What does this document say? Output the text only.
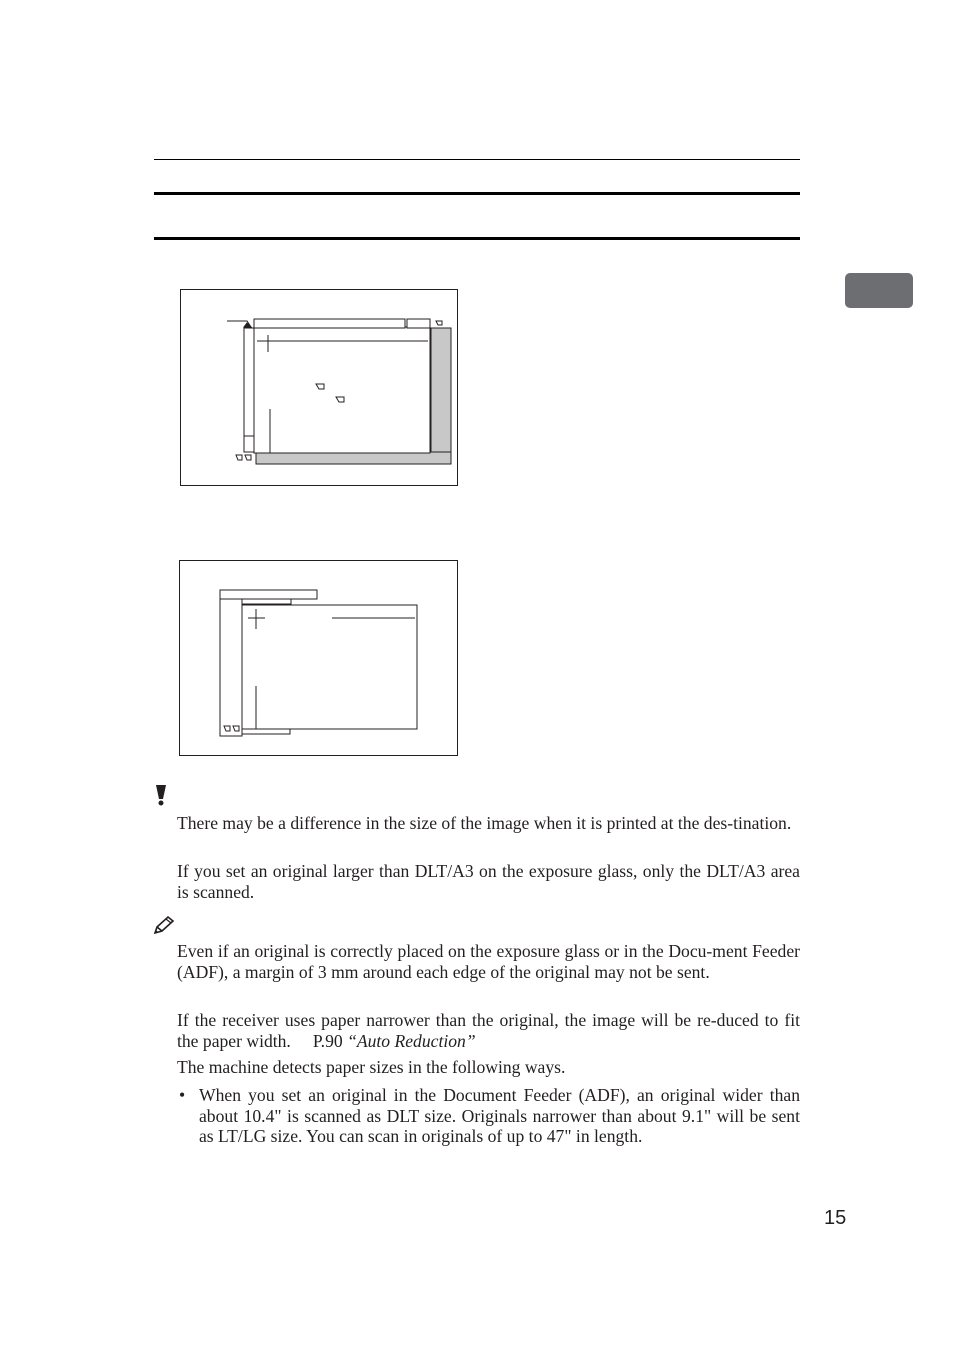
There may be a difference in the size of the image when it is printed at the des-tination.

If you set an original larger than DLT/A3 on the exposure glass, only the DLT/A3 area is scanned.

Even if an original is correctly placed on the exposure glass or in the Docu-ment Feeder (ADF), a margin of 3 mm around each edge of the original may not be sent.

If the receiver uses paper narrower than the original, the image will be re-duced to fit the paper width. P.90 “Auto Reduction”

The machine detects paper sizes in the following ways.

• When you set an original in the Document Feeder (ADF), an original wider than about 10.4" is scanned as DLT size. Originals narrower than about 9.1" will be sent as LT/LG size. You can scan in originals of up to 47" in length.
15
